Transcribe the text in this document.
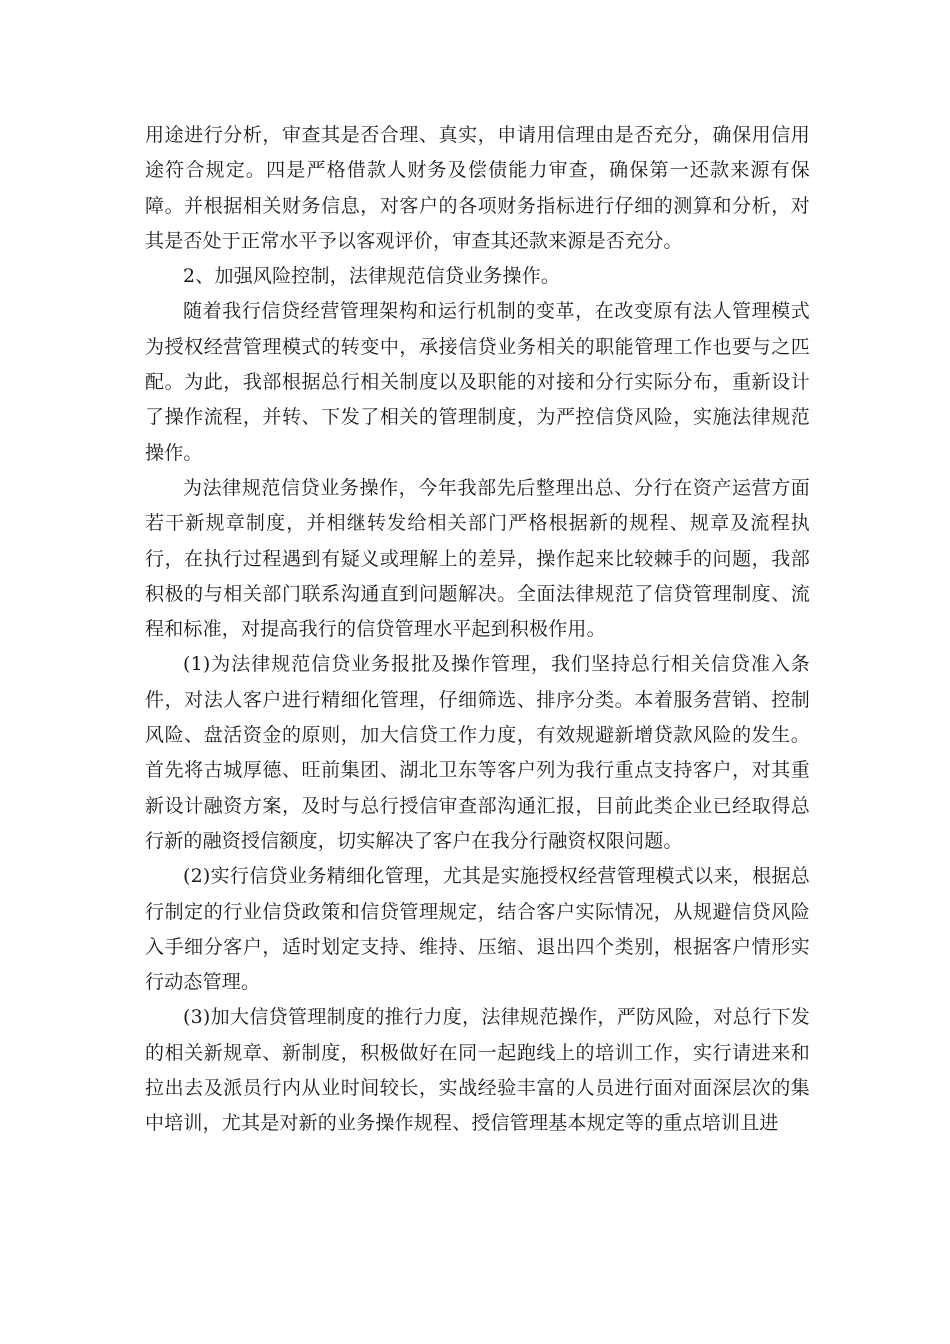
用途进行分析，审查其是否合理、真实，申请用信理由是否充分，确保用信用途符合规定。四是严格借款人财务及偿债能力审查，确保第一还款来源有保障。并根据相关财务信息，对客户的各项财务指标进行仔细的测算和分析，对其是否处于正常水平予以客观评价，审查其还款来源是否充分。

2、加强风险控制，法律规范信贷业务操作。

随着我行信贷经营管理架构和运行机制的变革，在改变原有法人管理模式为授权经营管理模式的转变中，承接信贷业务相关的职能管理工作也要与之匹配。为此，我部根据总行相关制度以及职能的对接和分行实际分布，重新设计了操作流程，并转、下发了相关的管理制度，为严控信贷风险，实施法律规范操作。

为法律规范信贷业务操作，今年我部先后整理出总、分行在资产运营方面若干新规章制度，并相继转发给相关部门严格根据新的规程、规章及流程执行，在执行过程遇到有疑义或理解上的差异，操作起来比较棘手的问题，我部积极的与相关部门联系沟通直到问题解决。全面法律规范了信贷管理制度、流程和标准，对提高我行的信贷管理水平起到积极作用。

(1)为法律规范信贷业务报批及操作管理，我们坚持总行相关信贷准入条件，对法人客户进行精细化管理，仔细筛选、排序分类。本着服务营销、控制风险、盘活资金的原则，加大信贷工作力度，有效规避新增贷款风险的发生。首先将古城厚德、旺前集团、湖北卫东等客户列为我行重点支持客户，对其重新设计融资方案，及时与总行授信审查部沟通汇报，目前此类企业已经取得总行新的融资授信额度，切实解决了客户在我分行融资权限问题。

(2)实行信贷业务精细化管理，尤其是实施授权经营管理模式以来，根据总行制定的行业信贷政策和信贷管理规定，结合客户实际情况，从规避信贷风险入手细分客户，适时划定支持、维持、压缩、退出四个类别，根据客户情形实行动态管理。

(3)加大信贷管理制度的推行力度，法律规范操作，严防风险，对总行下发的相关新规章、新制度，积极做好在同一起跑线上的培训工作，实行请进来和拉出去及派员行内从业时间较长，实战经验丰富的人员进行面对面深层次的集中培训，尤其是对新的业务操作规程、授信管理基本规定等的重点培训且进
